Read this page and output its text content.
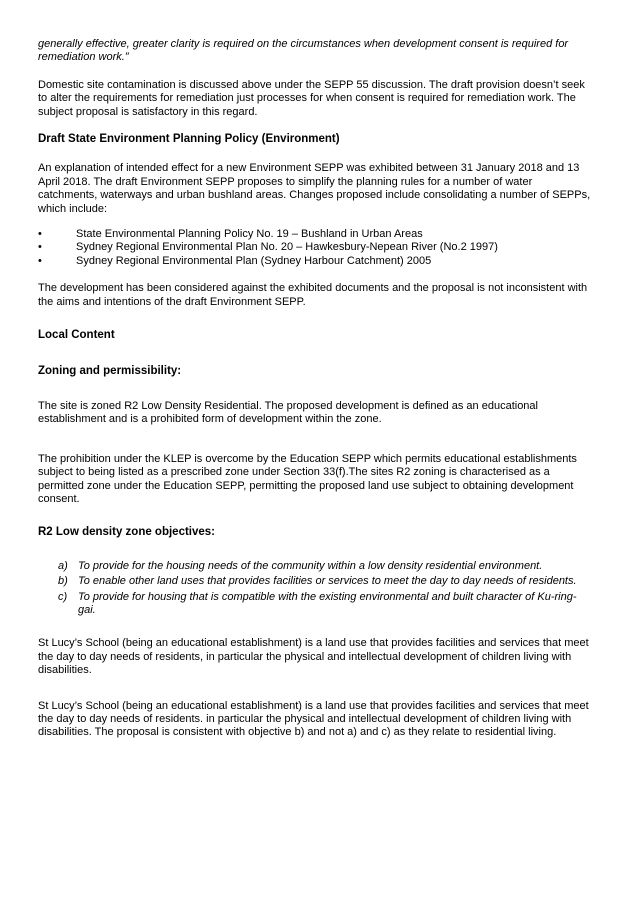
generally effective, greater clarity is required on the circumstances when development consent is required for remediation work.”

Domestic site contamination is discussed above under the SEPP 55 discussion. The draft provision doesn’t seek to alter the requirements for remediation just processes for when consent is required for remediation work. The subject proposal is satisfactory in this regard.

Draft State Environment Planning Policy (Environment)

An explanation of intended effect for a new Environment SEPP was exhibited between 31 January 2018 and 13 April 2018. The draft Environment SEPP proposes to simplify the planning rules for a number of water catchments, waterways and urban bushland areas. Changes proposed include consolidating a number of SEPPs, which include:

•	State Environmental Planning Policy No. 19 – Bushland in Urban Areas
•	Sydney Regional Environmental Plan No. 20 – Hawkesbury-Nepean River (No.2 1997)
•	Sydney Regional Environmental Plan (Sydney Harbour Catchment) 2005

The development has been considered against the exhibited documents and the proposal is not inconsistent with the aims and intentions of the draft Environment SEPP.

Local Content

Zoning and permissibility:

The site is zoned R2 Low Density Residential. The proposed development is defined as an educational establishment and is a prohibited form of development within the zone.

The prohibition under the KLEP is overcome by the Education SEPP which permits educational establishments subject to being listed as a prescribed zone under Section 33(f).The sites R2 zoning is characterised as a permitted zone under the Education SEPP, permitting the proposed land use subject to obtaining development consent.

R2 Low density zone objectives:

a) To provide for the housing needs of the community within a low density residential environment.
b) To enable other land uses that provides facilities or services to meet the day to day needs of residents.
c) To provide for housing that is compatible with the existing environmental and built character of Ku-ring-gai.

St Lucy’s School (being an educational establishment) is a land use that provides facilities and services that meet the day to day needs of residents, in particular the physical and intellectual development of children living with disabilities.

St Lucy’s School (being an educational establishment) is a land use that provides facilities and services that meet the day to day needs of residents. in particular the physical and intellectual development of children living with disabilities. The proposal is consistent with objective b) and not a) and c) as they relate to residential living.
